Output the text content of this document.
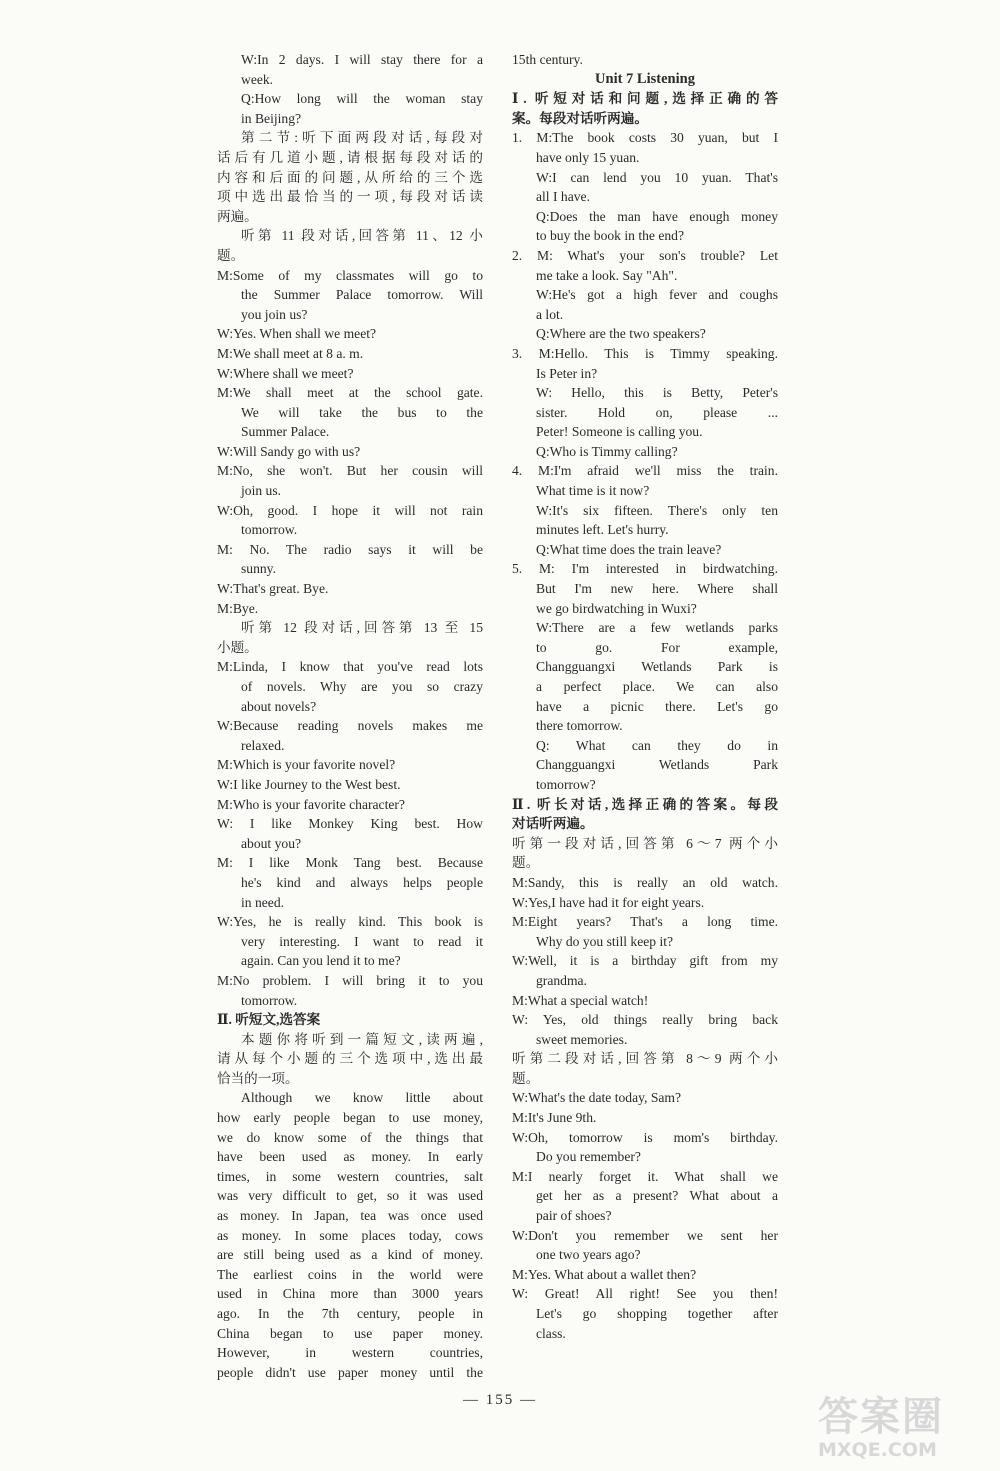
W:In 2 days. I will stay there for a

week.

Q:How long will the woman stay

in Beijing?

第二节:听下面两段对话,每段对

话后有几道小题,请根据每段对话的

内容和后面的问题,从所给的三个选

项中选出最恰当的一项,每段对话读

两遍。

听第 11 段对话,回答第 11、12 小

题。

M:Some of my classmates will go to

the Summer Palace tomorrow. Will

you join us?

W:Yes. When shall we meet?

M:We shall meet at 8 a. m.

W:Where shall we meet?

M:We shall meet at the school gate.

We will take the bus to the

Summer Palace.

W:Will Sandy go with us?

M:No, she won't. But her cousin will

join us.

W:Oh, good. I hope it will not rain

tomorrow.

M: No. The radio says it will be

sunny.

W:That's great. Bye.

M:Bye.

听第 12 段对话,回答第 13 至 15

小题。

M:Linda, I know that you've read lots

of novels. Why are you so crazy

about novels?

W:Because reading novels makes me

relaxed.

M:Which is your favorite novel?

W:I like Journey to the West best.

M:Who is your favorite character?

W: I like Monkey King best. How

about you?

M: I like Monk Tang best. Because

he's kind and always helps people

in need.

W:Yes, he is really kind. This book is

very interesting. I want to read it

again. Can you lend it to me?

M:No problem. I will bring it to you

tomorrow.

Ⅱ. 听短文,选答案

本题你将听到一篇短文,读两遍,

请从每个小题的三个选项中,选出最

恰当的一项。

Although we know little about

how early people began to use money,

we do know some of the things that

have been used as money. In early

times, in some western countries, salt

was very difficult to get, so it was used

as money. In Japan, tea was once used

as money. In some places today, cows

are still being used as a kind of money.

The earliest coins in the world were

used in China more than 3000 years

ago. In the 7th century, people in

China began to use paper money.

However, in western countries,

people didn't use paper money until the

15th century.

Unit 7 Listening

Ⅰ. 听短对话和问题,选择正确的答

案。每段对话听两遍。

1. M:The book costs 30 yuan, but I

have only 15 yuan.

W:I can lend you 10 yuan. That's

all I have.

Q:Does the man have enough money

to buy the book in the end?

2. M: What's your son's trouble? Let

me take a look. Say "Ah".

W:He's got a high fever and coughs

a lot.

Q:Where are the two speakers?

3. M:Hello. This is Timmy speaking.

Is Peter in?

W: Hello, this is Betty, Peter's

sister. Hold on, please ...

Peter! Someone is calling you.

Q:Who is Timmy calling?

4. M:I'm afraid we'll miss the train.

What time is it now?

W:It's six fifteen. There's only ten

minutes left. Let's hurry.

Q:What time does the train leave?

5. M: I'm interested in birdwatching.

But I'm new here. Where shall

we go birdwatching in Wuxi?

W:There are a few wetlands parks

to go. For example,

Changguangxi Wetlands Park is

a perfect place. We can also

have a picnic there. Let's go

there tomorrow.

Q: What can they do in

Changguangxi Wetlands Park

tomorrow?

Ⅱ. 听长对话,选择正确的答案。每段

对话听两遍。

听第一段对话,回答第 6～7 两个小

题。

M:Sandy, this is really an old watch.

W:Yes,I have had it for eight years.

M:Eight years? That's a long time.

Why do you still keep it?

W:Well, it is a birthday gift from my

grandma.

M:What a special watch!

W: Yes, old things really bring back

sweet memories.

听第二段对话,回答第 8～9 两个小

题。

W:What's the date today, Sam?

M:It's June 9th.

W:Oh, tomorrow is mom's birthday.

Do you remember?

M:I nearly forget it. What shall we

get her as a present? What about a

pair of shoes?

W:Don't you remember we sent her

one two years ago?

M:Yes. What about a wallet then?

W: Great! All right! See you then!

Let's go shopping together after

class.

— 155 —	答案圈
MXQE.COM
